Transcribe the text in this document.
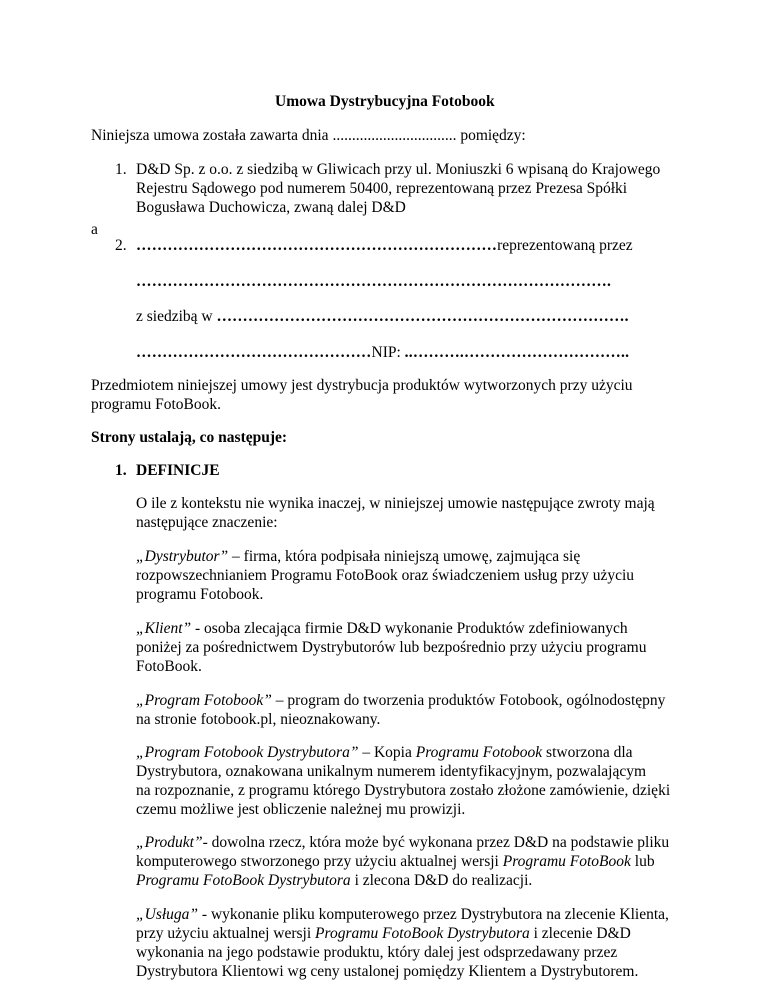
Umowa Dystrybucyjna Fotobook
Niniejsza umowa została zawarta dnia ................................ pomiędzy:
1. D&D Sp. z o.o. z siedzibą w Gliwicach przy ul. Moniuszki 6 wpisaną do Krajowego
Rejestru Sądowego pod numerem 50400, reprezentowaną przez Prezesa Spółki
Bogusława Duchowicza, zwaną dalej D&D
a
2. ……………………………………………………………reprezentowaną przez
……………………………………………………………………………….
z siedzibą w …………………………………………………………………….
………………………………………NIP: ..……….…………………………..
Przedmiotem niniejszej umowy jest dystrybucja produktów wytworzonych przy użyciu
programu FotoBook.
Strony ustalają, co następuje:
1. DEFINICJE
O ile z kontekstu nie wynika inaczej, w niniejszej umowie następujące zwroty mają
następujące znaczenie:
„Dystrybutor” – firma, która podpisała niniejszą umowę, zajmująca się
rozpowszechnianiem Programu FotoBook oraz świadczeniem usług przy użyciu
programu Fotobook.
„Klient” - osoba zlecająca firmie D&D wykonanie Produktów zdefiniowanych
poniżej za pośrednictwem Dystrybutorów lub bezpośrednio przy użyciu programu
FotoBook.
„Program Fotobook” – program do tworzenia produktów Fotobook, ogólnodostępny
na stronie fotobook.pl, nieoznakowany.
„Program Fotobook Dystrybutora” – Kopia Programu Fotobook stworzona dla
Dystrybutora, oznakowana unikalnym numerem identyfikacyjnym, pozwalającym
na rozpoznanie, z programu którego Dystrybutora zostało złożone zamówienie, dzięki
czemu możliwe jest obliczenie należnej mu prowizji.
„Produkt”- dowolna rzecz, która może być wykonana przez D&D na podstawie pliku
komputerowego stworzonego przy użyciu aktualnej wersji Programu FotoBook lub
Programu FotoBook Dystrybutora i zlecona D&D do realizacji.
„Usługa” - wykonanie pliku komputerowego przez Dystrybutora na zlecenie Klienta,
przy użyciu aktualnej wersji Programu FotoBook Dystrybutora i zlecenie D&D
wykonania na jego podstawie produktu, który dalej jest odsprzedawany przez
Dystrybutora Klientowi wg ceny ustalonej pomiędzy Klientem a Dystrybutorem.
